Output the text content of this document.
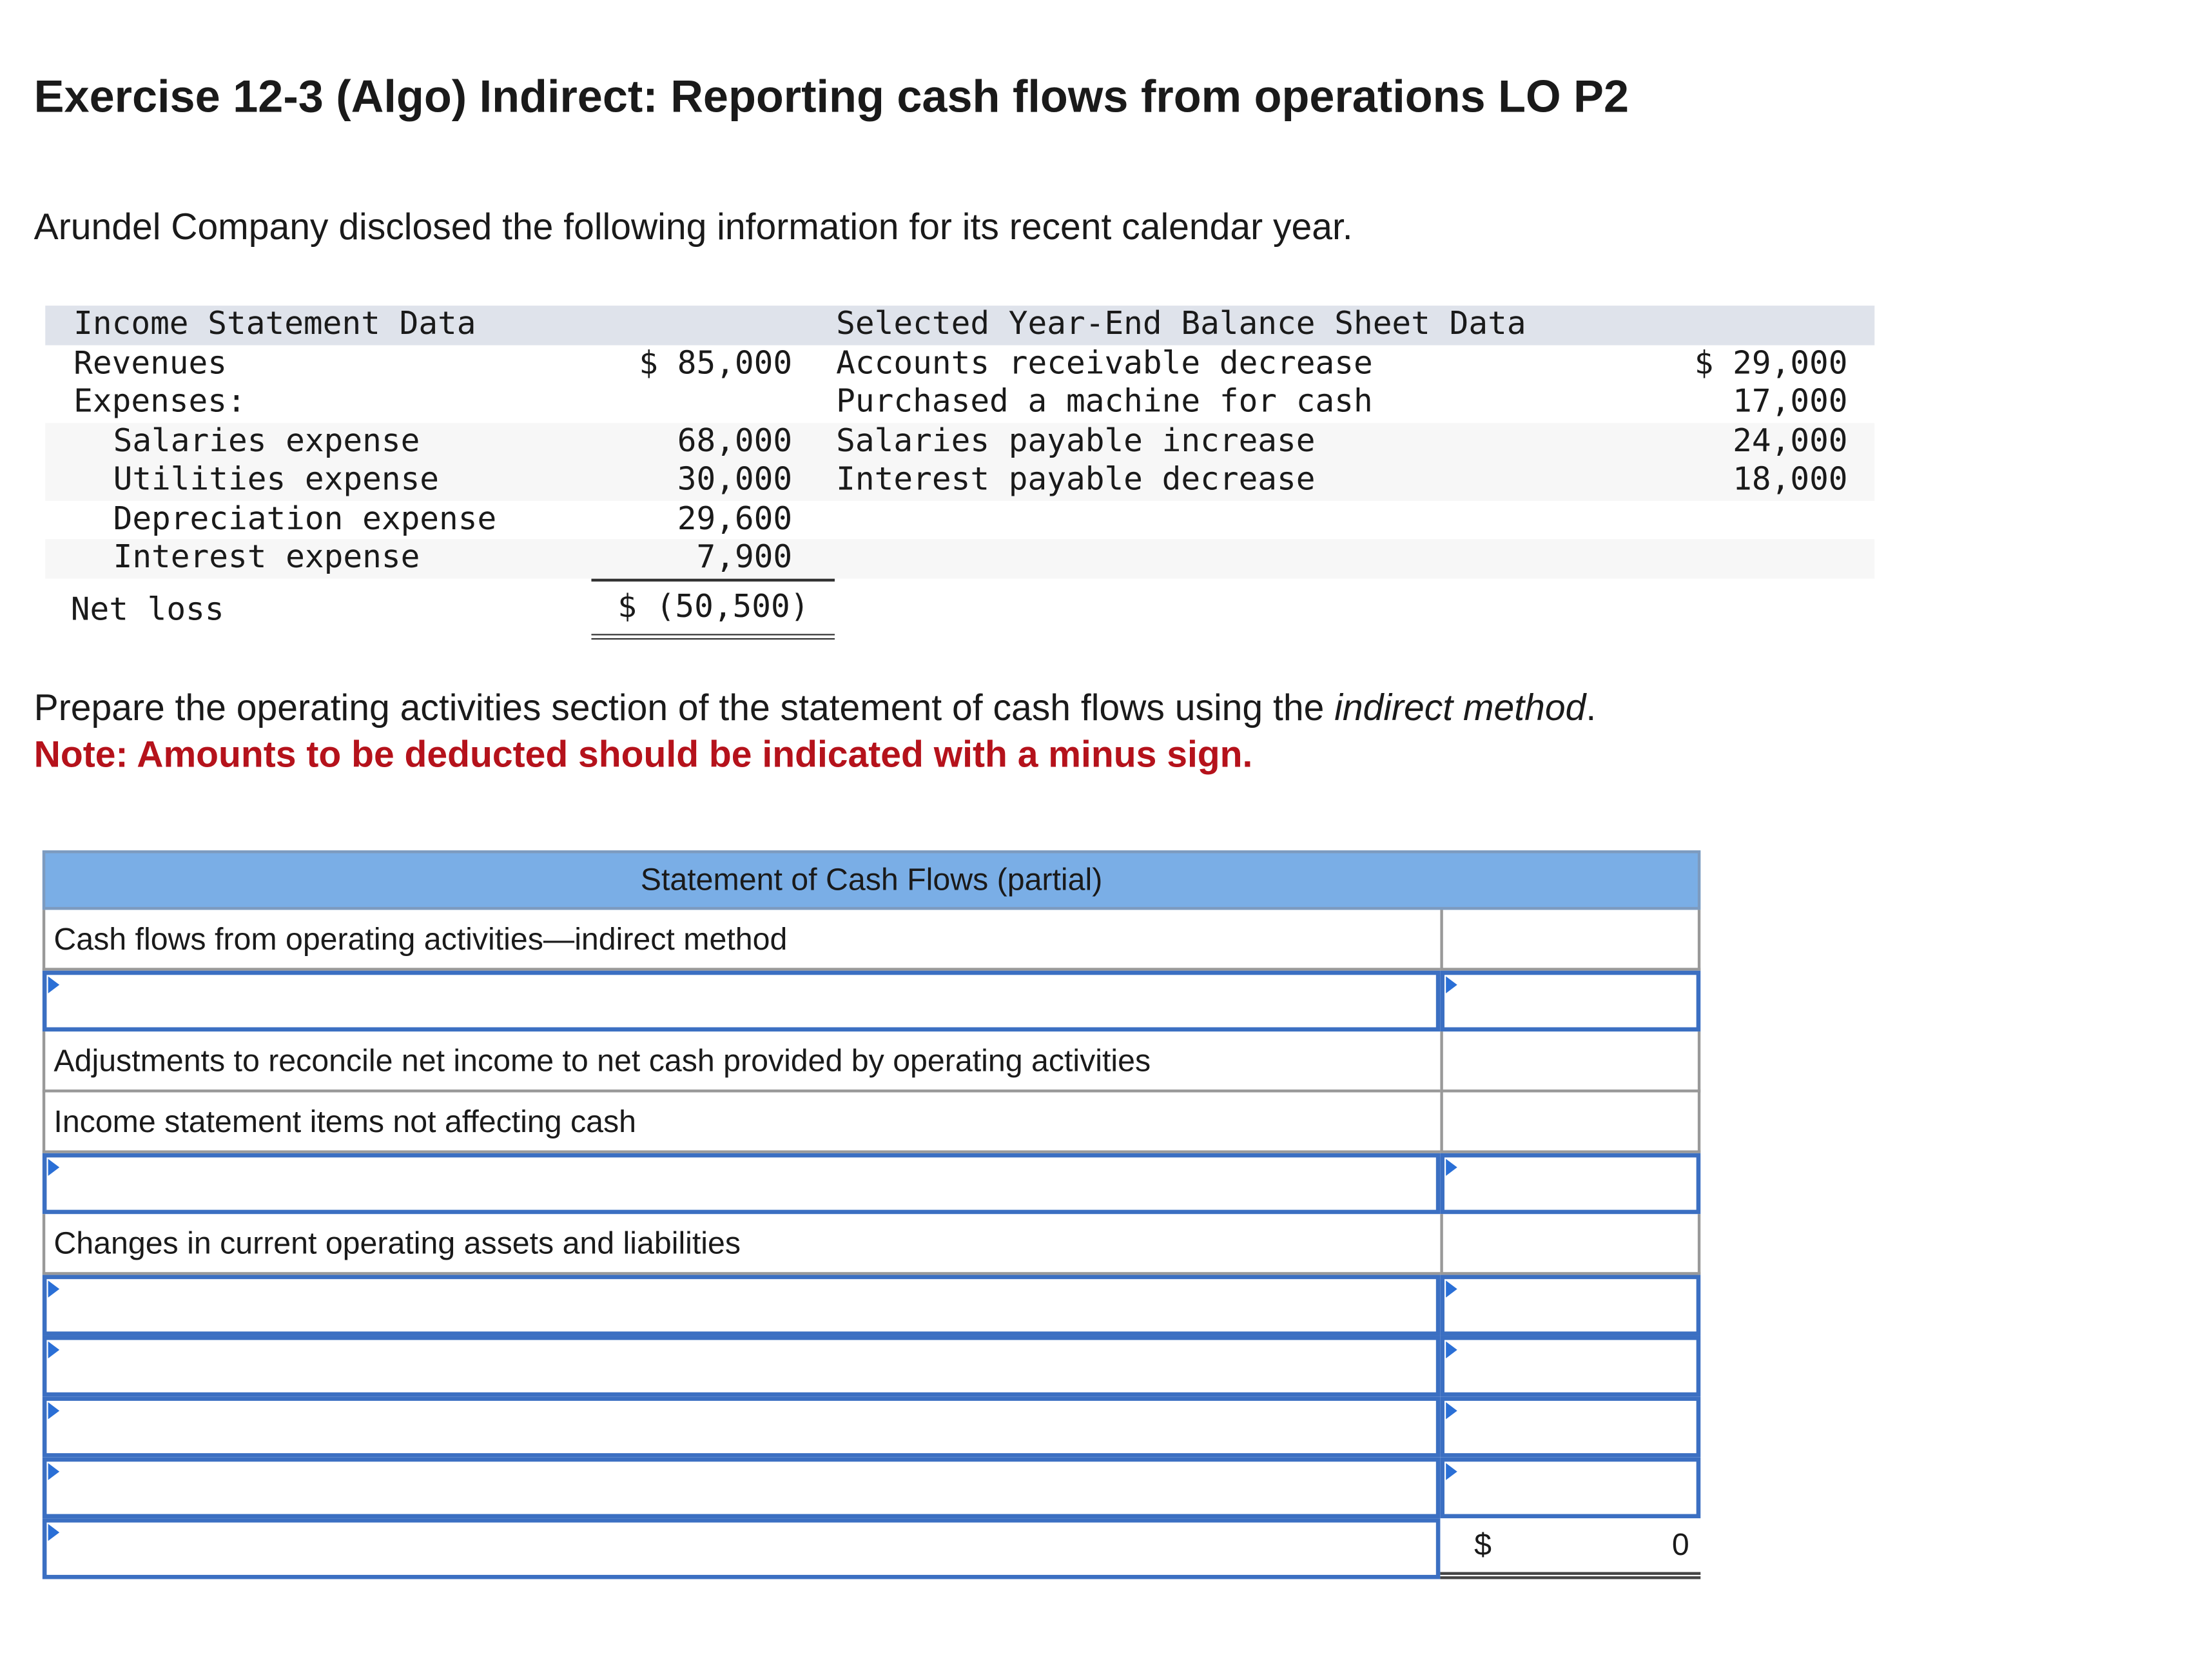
Exercise 12-3 (Algo) Indirect: Reporting cash flows from operations LO P2
Arundel Company disclosed the following information for its recent calendar year.
Income Statement Data
Revenues	$ 85,000
Expenses:
Salaries expense	68,000
Utilities expense	30,000
Depreciation expense	29,600
Interest expense	7,900
Net loss	$ (50,500)
Selected Year-End Balance Sheet Data
Accounts receivable decrease	$ 29,000
Purchased a machine for cash	17,000
Salaries payable increase	24,000
Interest payable decrease	18,000
Prepare the operating activities section of the statement of cash flows using the indirect method.
Note: Amounts to be deducted should be indicated with a minus sign.
Statement of Cash Flows (partial)
Cash flows from operating activities—indirect method
Adjustments to reconcile net income to net cash provided by operating activities
Income statement items not affecting cash
Changes in current operating assets and liabilities
$	0
